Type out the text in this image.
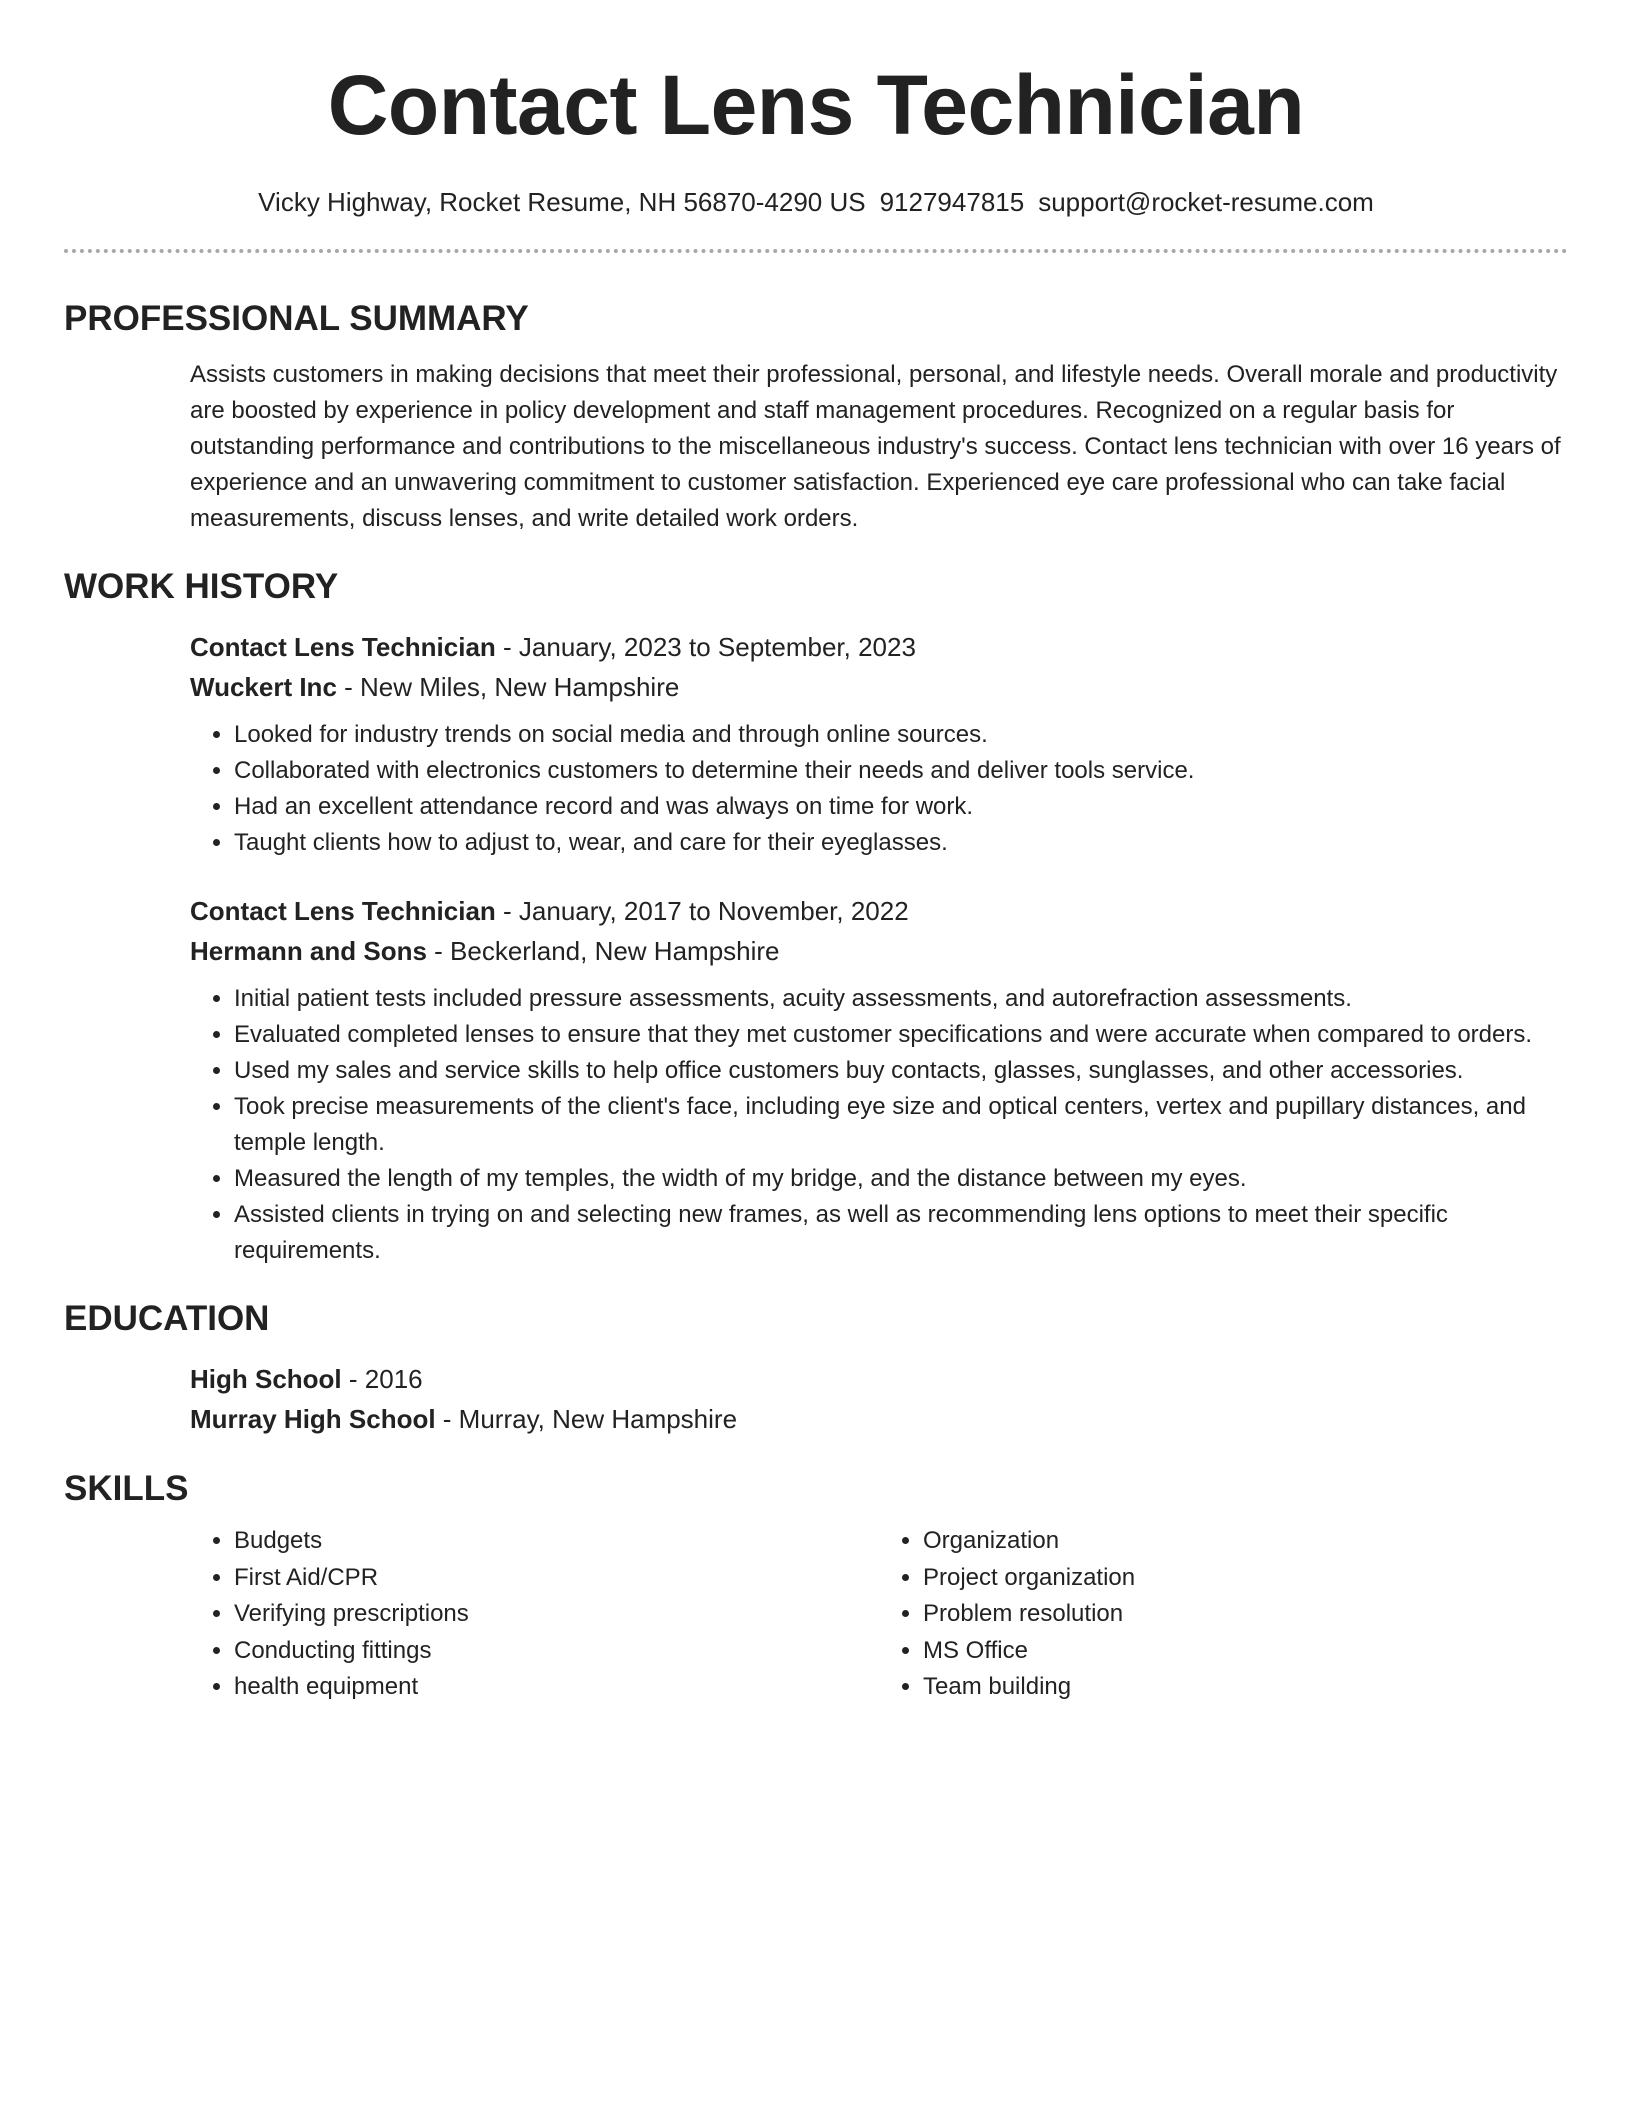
Contact Lens Technician
Vicky Highway, Rocket Resume, NH 56870-4290 US 9127947815 support@rocket-resume.com
PROFESSIONAL SUMMARY

Assists customers in making decisions that meet their professional, personal, and lifestyle needs. Overall morale and productivity are boosted by experience in policy development and staff management procedures. Recognized on a regular basis for outstanding performance and contributions to the miscellaneous industry's success. Contact lens technician with over 16 years of experience and an unwavering commitment to customer satisfaction. Experienced eye care professional who can take facial measurements, discuss lenses, and write detailed work orders.

WORK HISTORY
Contact Lens Technician - January, 2023 to September, 2023
Wuckert Inc - New Miles, New Hampshire
• Looked for industry trends on social media and through online sources.
• Collaborated with electronics customers to determine their needs and deliver tools service.
• Had an excellent attendance record and was always on time for work.
• Taught clients how to adjust to, wear, and care for their eyeglasses.
Contact Lens Technician - January, 2017 to November, 2022
Hermann and Sons - Beckerland, New Hampshire
• Initial patient tests included pressure assessments, acuity assessments, and autorefraction assessments.
• Evaluated completed lenses to ensure that they met customer specifications and were accurate when compared to orders.
• Used my sales and service skills to help office customers buy contacts, glasses, sunglasses, and other accessories.
• Took precise measurements of the client's face, including eye size and optical centers, vertex and pupillary distances, and temple length.
• Measured the length of my temples, the width of my bridge, and the distance between my eyes.
• Assisted clients in trying on and selecting new frames, as well as recommending lens options to meet their specific requirements.
EDUCATION
High School - 2016
Murray High School - Murray, New Hampshire
SKILLS
• Budgets
• First Aid/CPR
• Verifying prescriptions
• Conducting fittings
• health equipment
• Organization
• Project organization
• Problem resolution
• MS Office
• Team building
